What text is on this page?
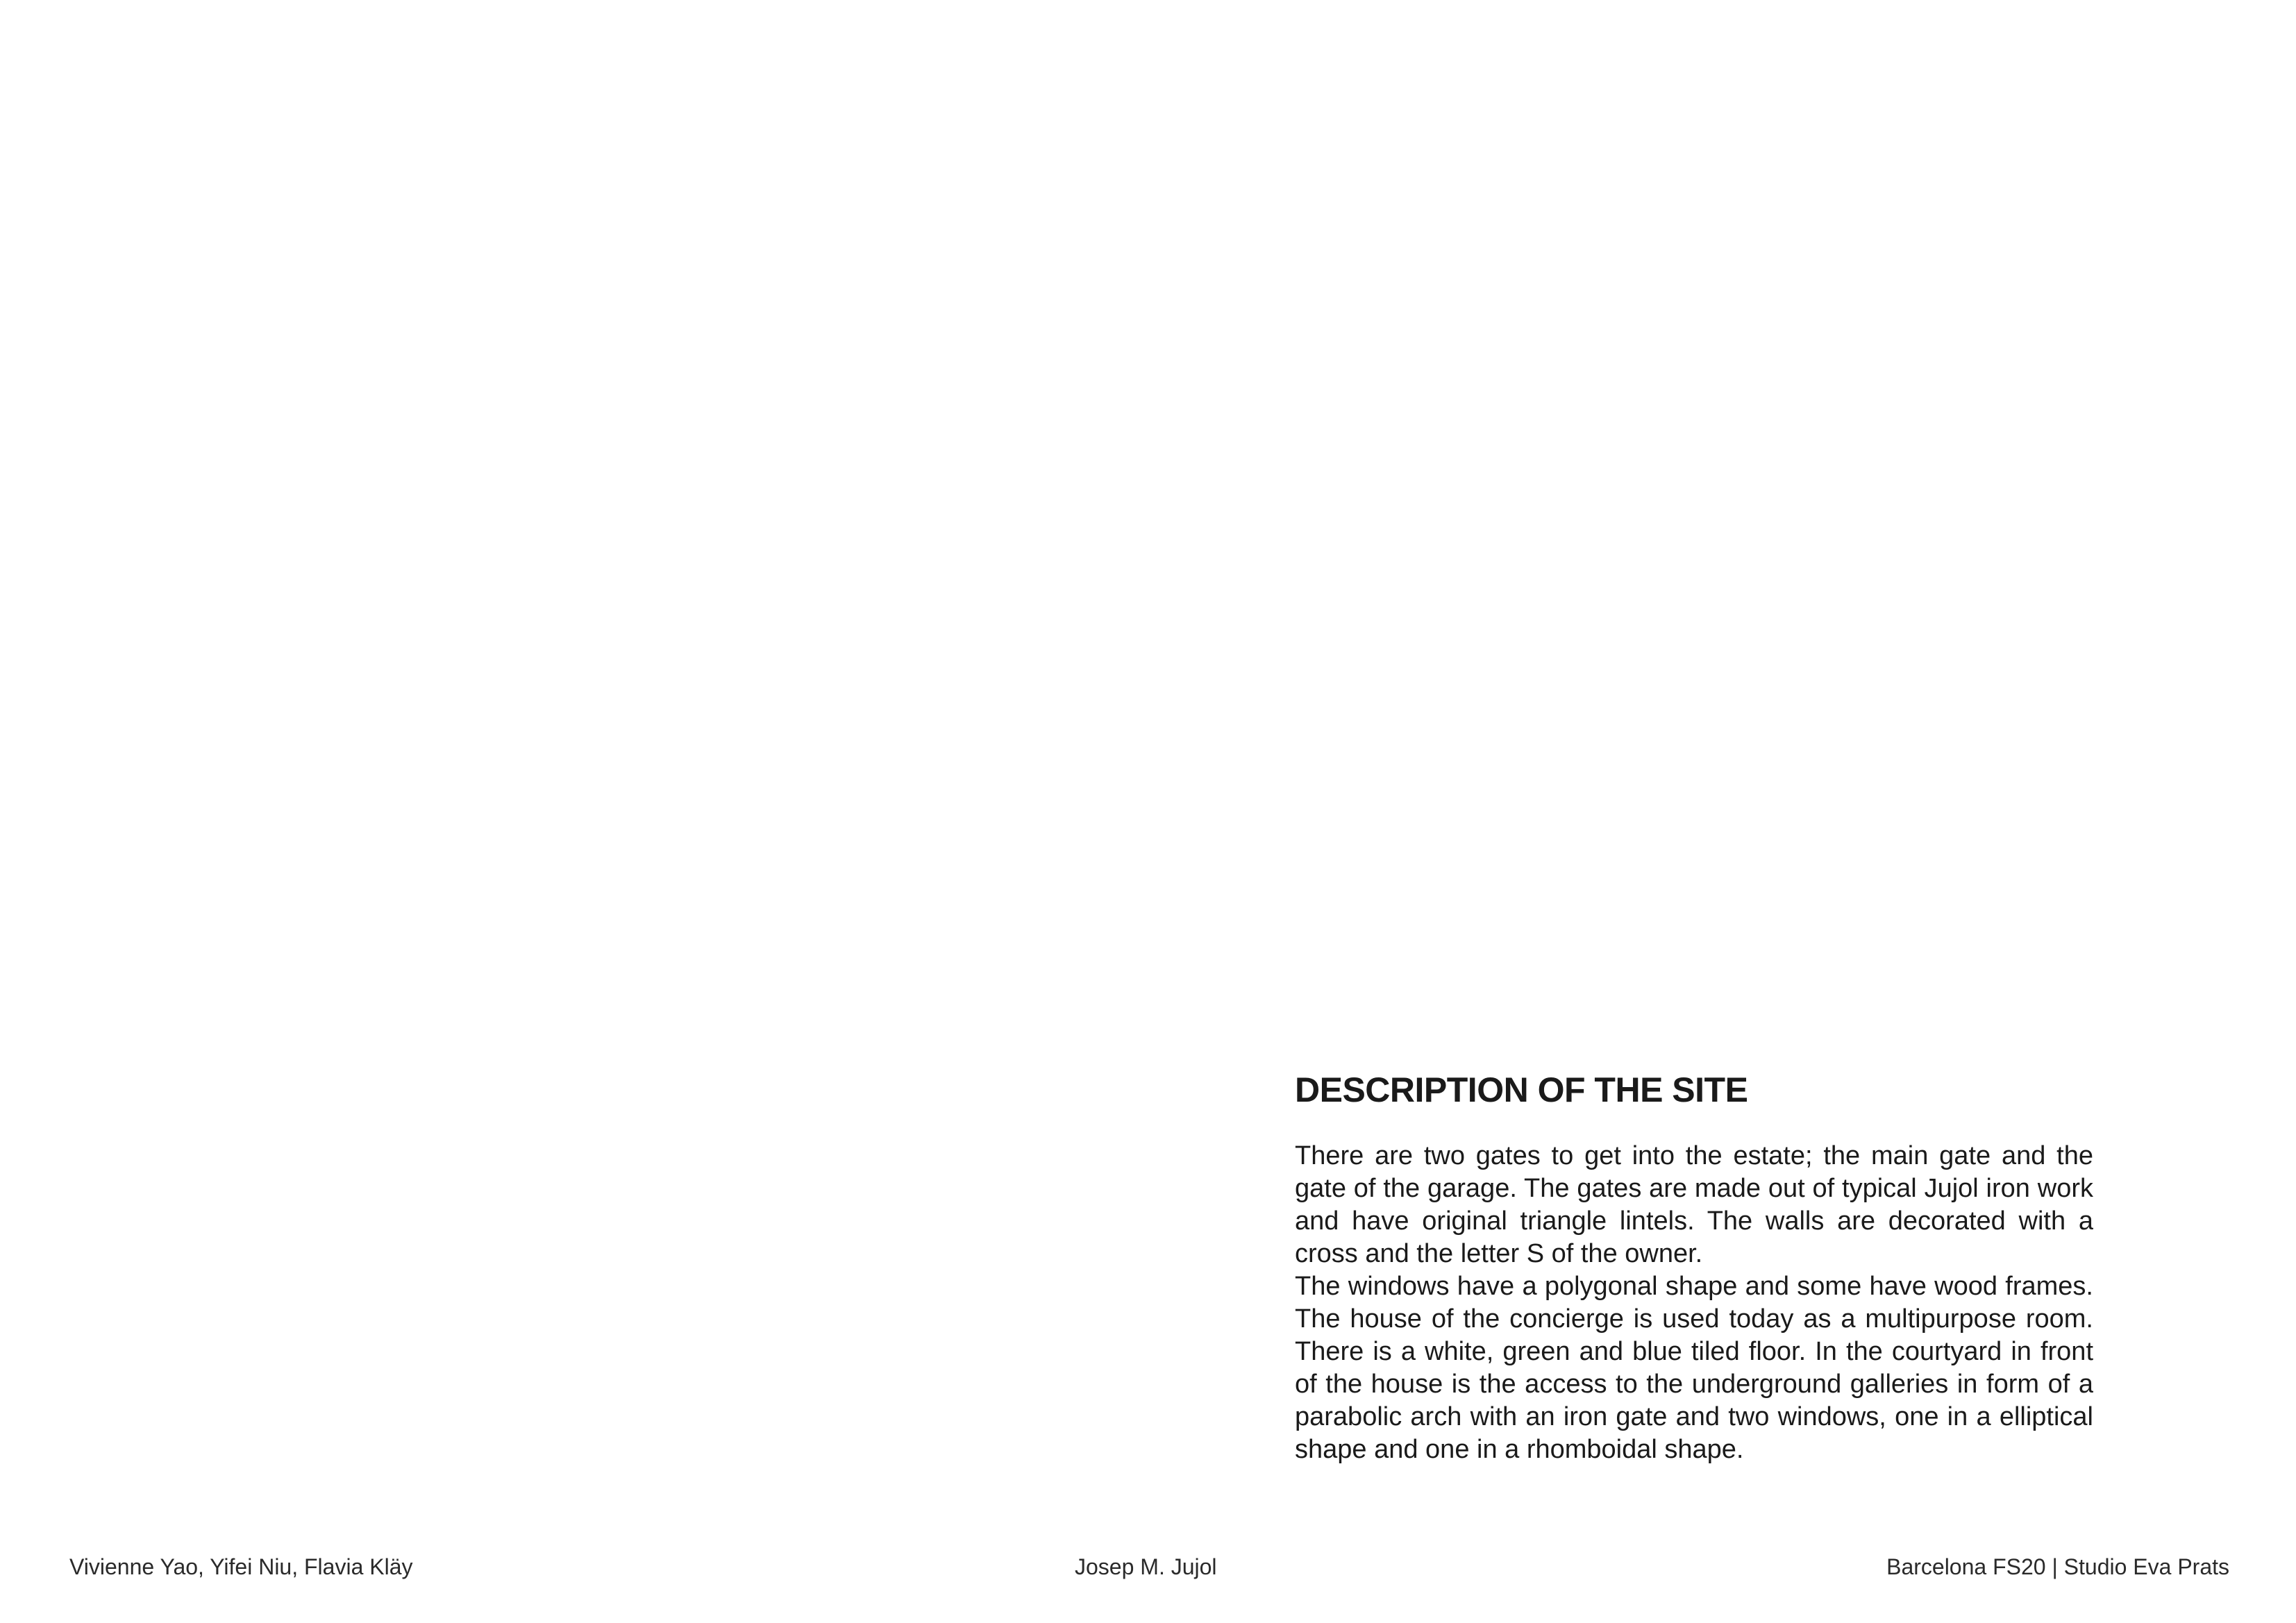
DESCRIPTION OF THE SITE

There are two gates to get into the estate; the main gate and the gate of the garage. The gates are made out of typical Jujol iron work and have original triangle lintels. The walls are decorated with a cross and the letter S of the owner.

The windows have a polygonal shape and some have wood frames. The house of the concierge is used today as a multipurpose room. There is a white, green and blue tiled floor. In the courtyard in front of the house is the access to the underground galleries in form of a parabolic arch with an iron gate and two windows, one in a elliptical shape and one in a rhomboidal shape.

Vivienne Yao, Yifei Niu, Flavia Kläy	Josep M. Jujol	Barcelona FS20 | Studio Eva Prats
